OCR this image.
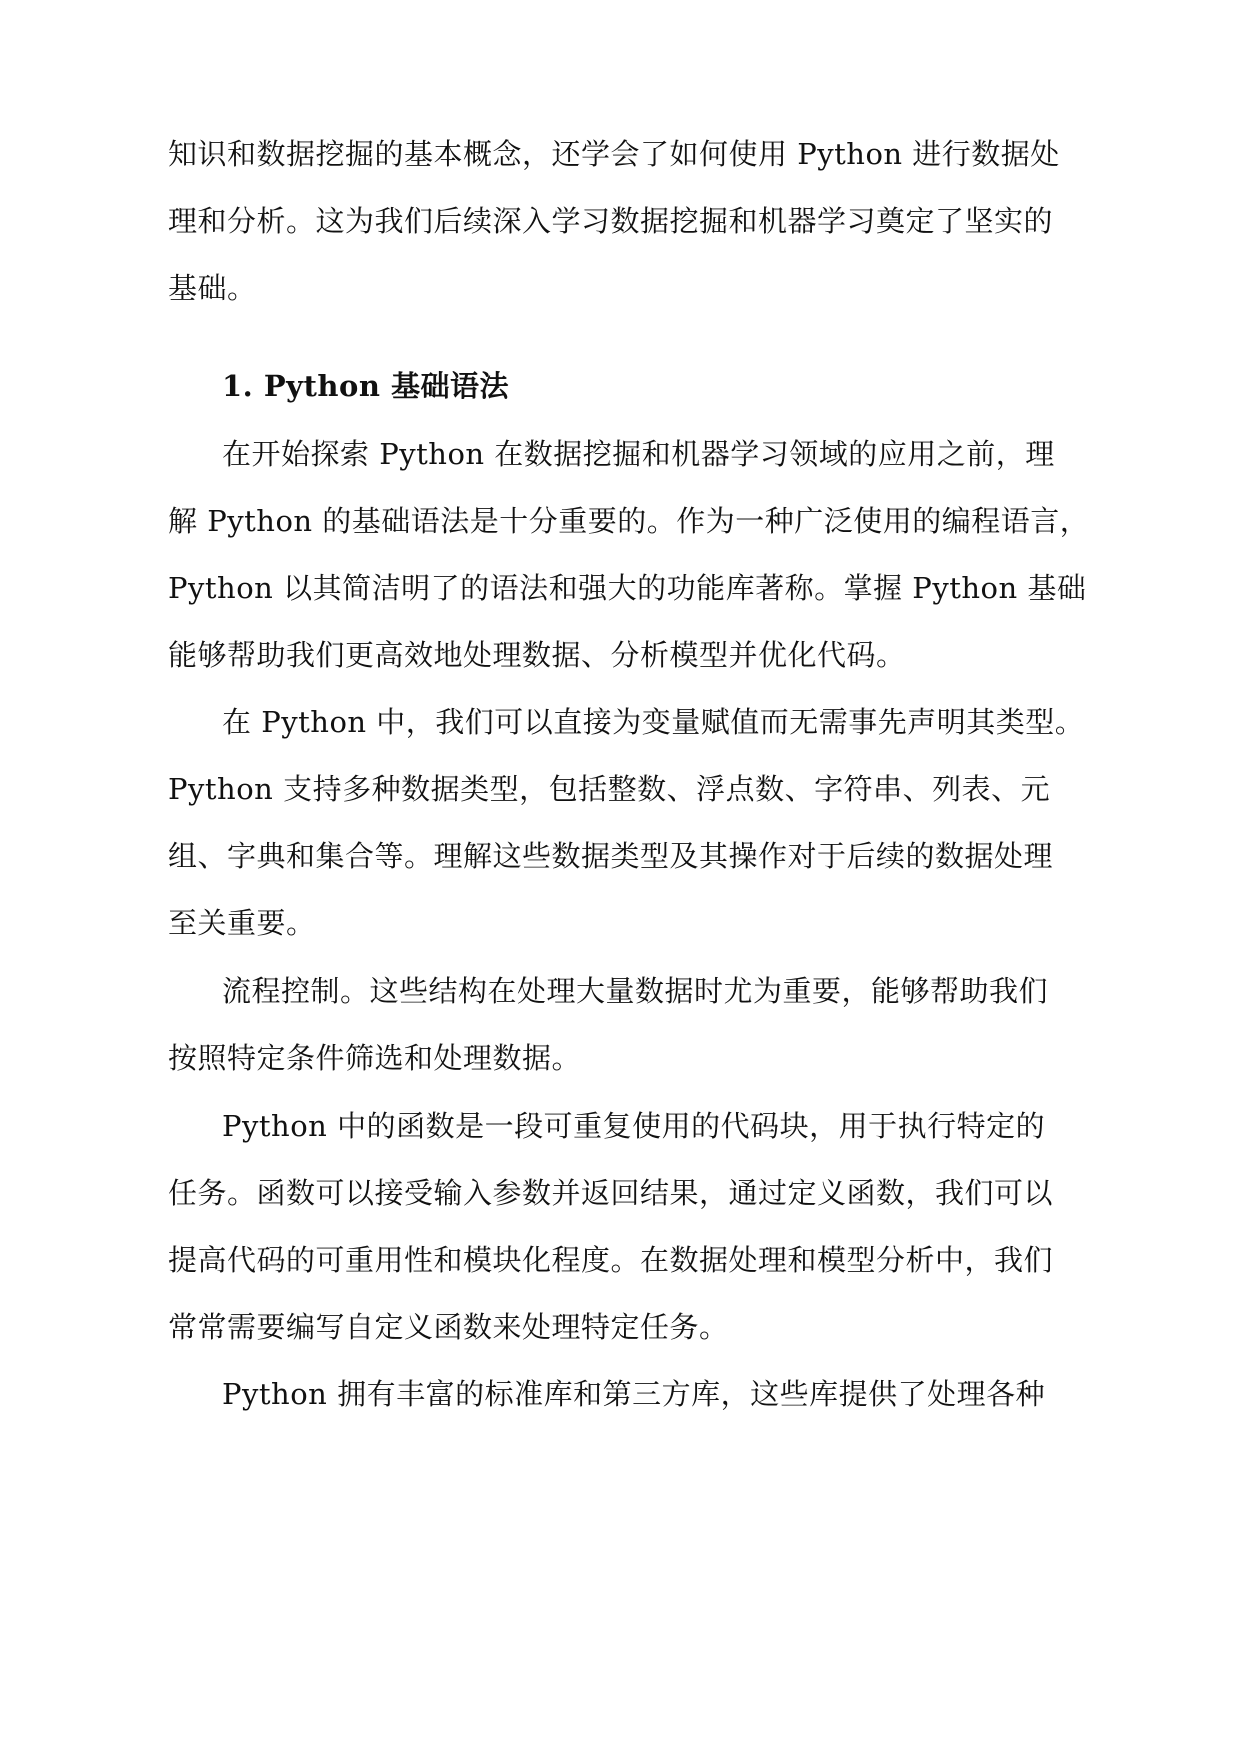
知识和数据挖掘的基本概念，还学会了如何使用 Python 进行数据处
理和分析。这为我们后续深入学习数据挖掘和机器学习奠定了坚实的
基础。
1. Python 基础语法
在开始探索 Python 在数据挖掘和机器学习领域的应用之前，理
解 Python 的基础语法是十分重要的。作为一种广泛使用的编程语言，
Python 以其简洁明了的语法和强大的功能库著称。掌握 Python 基础
能够帮助我们更高效地处理数据、分析模型并优化代码。
在 Python 中，我们可以直接为变量赋值而无需事先声明其类型。
Python 支持多种数据类型，包括整数、浮点数、字符串、列表、元
组、字典和集合等。理解这些数据类型及其操作对于后续的数据处理
至关重要。
流程控制。这些结构在处理大量数据时尤为重要，能够帮助我们
按照特定条件筛选和处理数据。
Python 中的函数是一段可重复使用的代码块，用于执行特定的
任务。函数可以接受输入参数并返回结果，通过定义函数，我们可以
提高代码的可重用性和模块化程度。在数据处理和模型分析中，我们
常常需要编写自定义函数来处理特定任务。
Python 拥有丰富的标准库和第三方库，这些库提供了处理各种
